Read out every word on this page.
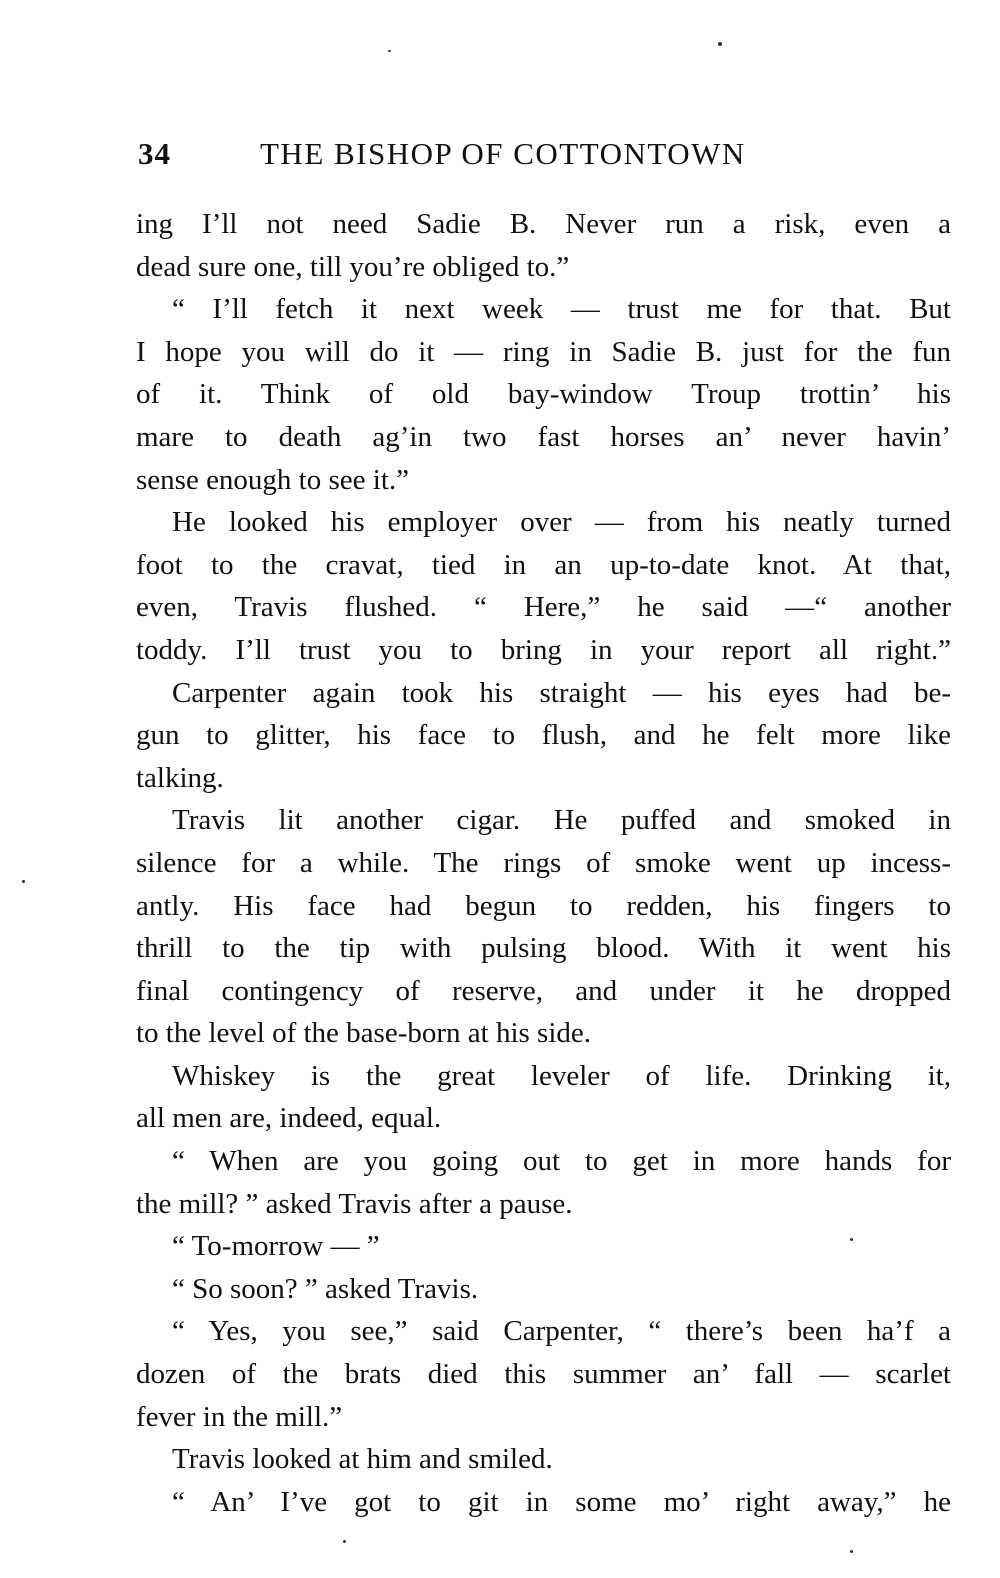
34	THE BISHOP OF COTTONTOWN
ing I’ll not need Sadie B. Never run a risk, even a
dead sure one, till you’re obliged to.”
“ I’ll fetch it next week — trust me for that. But
I hope you will do it — ring in Sadie B. just for the fun
of it. Think of old bay-window Troup trottin’ his
mare to death ag’in two fast horses an’ never havin’
sense enough to see it.”
He looked his employer over — from his neatly turned
foot to the cravat, tied in an up-to-date knot. At that,
even, Travis flushed. “ Here,” he said —“ another
toddy. I’ll trust you to bring in your report all right.”
Carpenter again took his straight — his eyes had be-
gun to glitter, his face to flush, and he felt more like
talking.
Travis lit another cigar. He puffed and smoked in
silence for a while. The rings of smoke went up incess-
antly. His face had begun to redden, his fingers to
thrill to the tip with pulsing blood. With it went his
final contingency of reserve, and under it he dropped
to the level of the base-born at his side.
Whiskey is the great leveler of life. Drinking it,
all men are, indeed, equal.
“ When are you going out to get in more hands for
the mill? ” asked Travis after a pause.
“ To-morrow — ”
“ So soon? ” asked Travis.
“ Yes, you see,” said Carpenter, “ there’s been ha’f a
dozen of the brats died this summer an’ fall — scarlet
fever in the mill.”
Travis looked at him and smiled.
“ An’ I’ve got to git in some mo’ right away,” he
